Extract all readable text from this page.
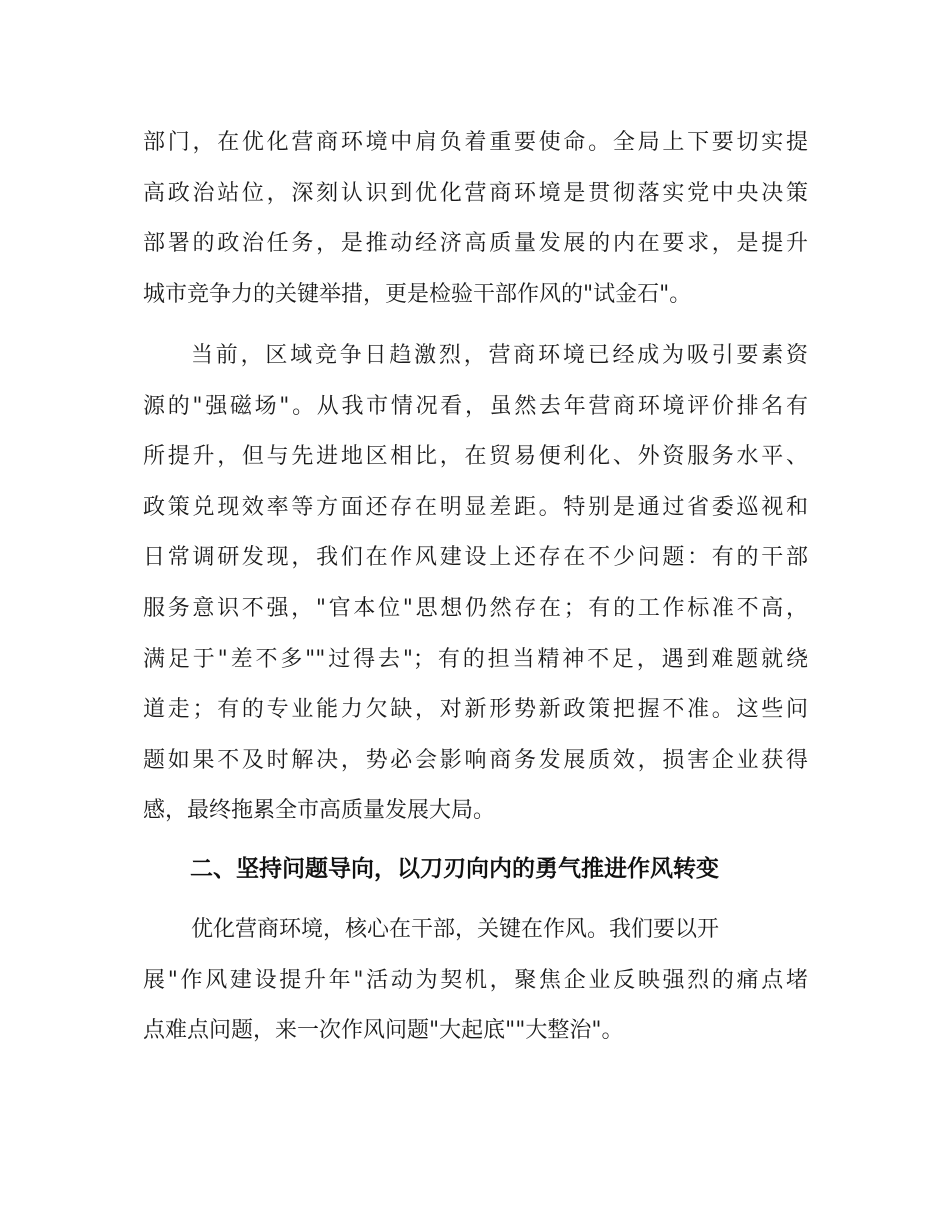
部门，在优化营商环境中肩负着重要使命。全局上下要切实提
高政治站位，深刻认识到优化营商环境是贯彻落实党中央决策
部署的政治任务，是推动经济高质量发展的内在要求，是提升
城市竞争力的关键举措，更是检验干部作风的"试金石"。
当前，区域竞争日趋激烈，营商环境已经成为吸引要素资
源的"强磁场"。从我市情况看，虽然去年营商环境评价排名有
所提升，但与先进地区相比，在贸易便利化、外资服务水平、
政策兑现效率等方面还存在明显差距。特别是通过省委巡视和
日常调研发现，我们在作风建设上还存在不少问题：有的干部
服务意识不强，"官本位"思想仍然存在；有的工作标准不高，
满足于"差不多""过得去"；有的担当精神不足，遇到难题就绕
道走；有的专业能力欠缺，对新形势新政策把握不准。这些问
题如果不及时解决，势必会影响商务发展质效，损害企业获得
感，最终拖累全市高质量发展大局。
二、坚持问题导向，以刀刃向内的勇气推进作风转变
优化营商环境，核心在干部，关键在作风。我们要以开
展"作风建设提升年"活动为契机，聚焦企业反映强烈的痛点堵
点难点问题，来一次作风问题"大起底""大整治"。
